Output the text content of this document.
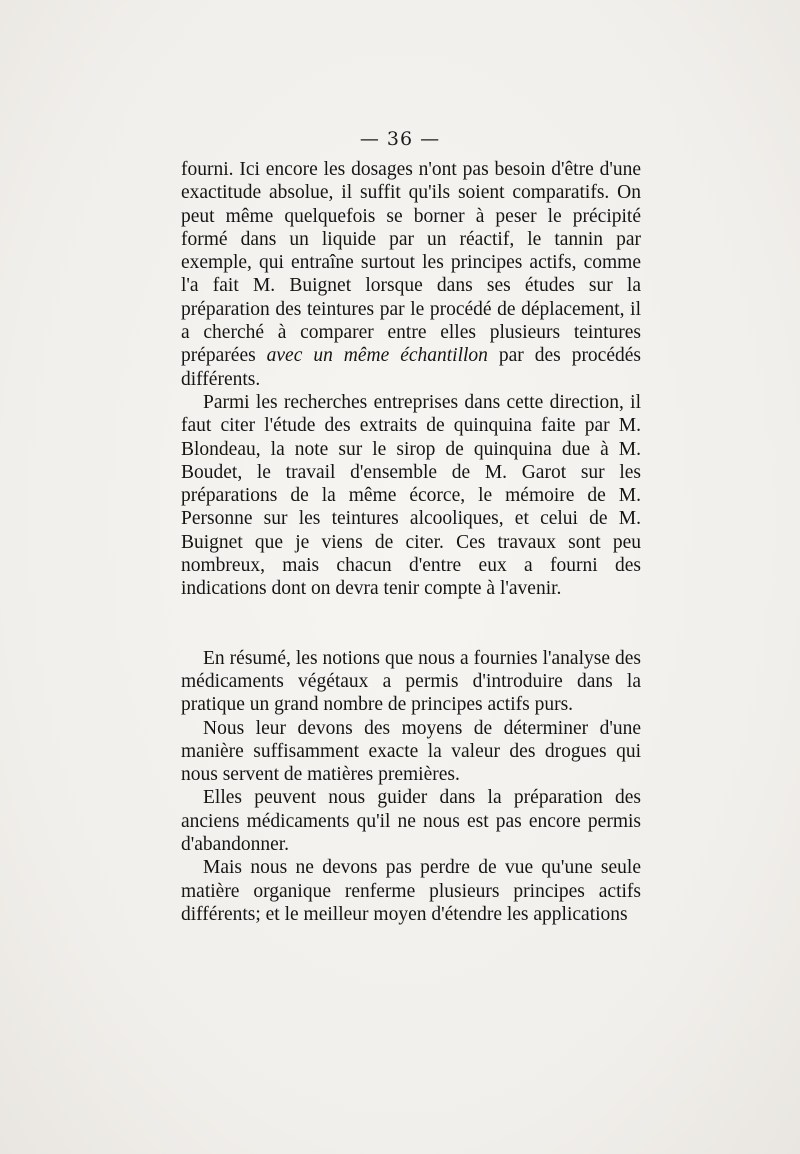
— 36 —

fourni. Ici encore les dosages n'ont pas besoin d'être d'une exactitude absolue, il suffit qu'ils soient comparatifs. On peut même quelquefois se borner à peser le précipité formé dans un liquide par un réactif, le tannin par exemple, qui entraîne surtout les principes actifs, comme l'a fait M. Buignet lorsque dans ses études sur la préparation des teintures par le procédé de déplacement, il a cherché à comparer entre elles plusieurs teintures préparées avec un même échantillon par des procédés différents.

Parmi les recherches entreprises dans cette direction, il faut citer l'étude des extraits de quinquina faite par M. Blondeau, la note sur le sirop de quinquina due à M. Boudet, le travail d'ensemble de M. Garot sur les préparations de la même écorce, le mémoire de M. Personne sur les teintures alcooliques, et celui de M. Buignet que je viens de citer. Ces travaux sont peu nombreux, mais chacun d'entre eux a fourni des indications dont on devra tenir compte à l'avenir.

En résumé, les notions que nous a fournies l'analyse des médicaments végétaux a permis d'introduire dans la pratique un grand nombre de principes actifs purs.

Nous leur devons des moyens de déterminer d'une manière suffisamment exacte la valeur des drogues qui nous servent de matières premières.

Elles peuvent nous guider dans la préparation des anciens médicaments qu'il ne nous est pas encore permis d'abandonner.

Mais nous ne devons pas perdre de vue qu'une seule matière organique renferme plusieurs principes actifs différents; et le meilleur moyen d'étendre les applications
